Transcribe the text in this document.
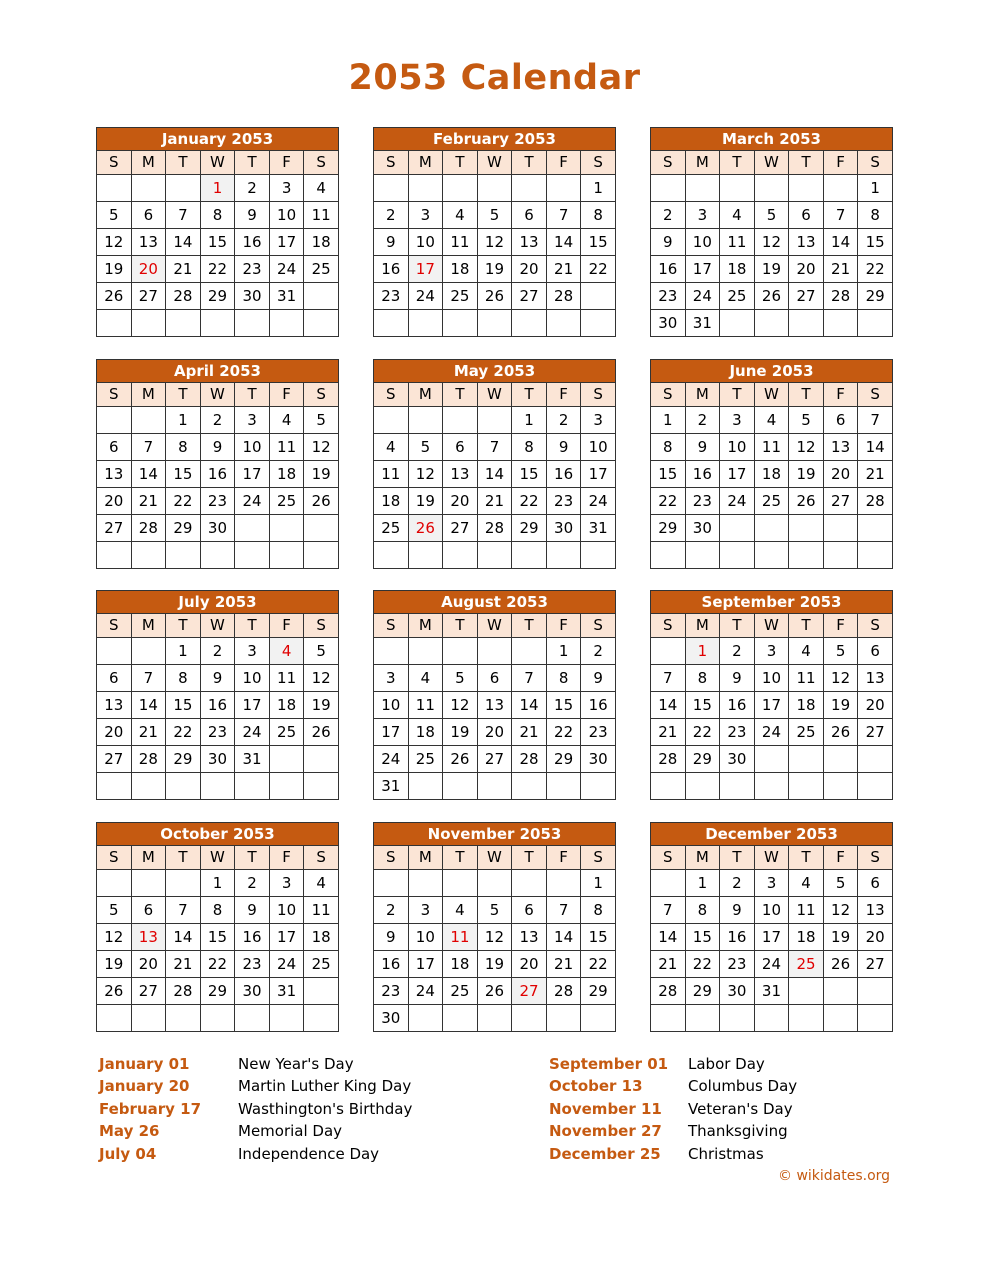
2053 Calendar
January 2053
S	M	T	W	T	F	S
			1	2	3	4
5	6	7	8	9	10	11
12	13	14	15	16	17	18
19	20	21	22	23	24	25
26	27	28	29	30	31	

February 2053
S	M	T	W	T	F	S
						1
2	3	4	5	6	7	8
9	10	11	12	13	14	15
16	17	18	19	20	21	22
23	24	25	26	27	28	

March 2053
S	M	T	W	T	F	S
						1
2	3	4	5	6	7	8
9	10	11	12	13	14	15
16	17	18	19	20	21	22
23	24	25	26	27	28	29
30	31					
April 2053
S	M	T	W	T	F	S
		1	2	3	4	5
6	7	8	9	10	11	12
13	14	15	16	17	18	19
20	21	22	23	24	25	26
27	28	29	30			

May 2053
S	M	T	W	T	F	S
				1	2	3
4	5	6	7	8	9	10
11	12	13	14	15	16	17
18	19	20	21	22	23	24
25	26	27	28	29	30	31

June 2053
S	M	T	W	T	F	S
1	2	3	4	5	6	7
8	9	10	11	12	13	14
15	16	17	18	19	20	21
22	23	24	25	26	27	28
29	30					

July 2053
S	M	T	W	T	F	S
		1	2	3	4	5
6	7	8	9	10	11	12
13	14	15	16	17	18	19
20	21	22	23	24	25	26
27	28	29	30	31		

August 2053
S	M	T	W	T	F	S
					1	2
3	4	5	6	7	8	9
10	11	12	13	14	15	16
17	18	19	20	21	22	23
24	25	26	27	28	29	30
31						
September 2053
S	M	T	W	T	F	S
	1	2	3	4	5	6
7	8	9	10	11	12	13
14	15	16	17	18	19	20
21	22	23	24	25	26	27
28	29	30				

October 2053
S	M	T	W	T	F	S
			1	2	3	4
5	6	7	8	9	10	11
12	13	14	15	16	17	18
19	20	21	22	23	24	25
26	27	28	29	30	31	

November 2053
S	M	T	W	T	F	S
						1
2	3	4	5	6	7	8
9	10	11	12	13	14	15
16	17	18	19	20	21	22
23	24	25	26	27	28	29
30						
December 2053
S	M	T	W	T	F	S
	1	2	3	4	5	6
7	8	9	10	11	12	13
14	15	16	17	18	19	20
21	22	23	24	25	26	27
28	29	30	31			

January 01	New Year's Day
January 20	Martin Luther King Day
February 17 Wasthington's Birthday
May 26	Memorial Day
July 04	Independence Day
September 01 Labor Day
October 13	Columbus Day
November 11 Veteran's Day
November 27 Thanksgiving
December 25 Christmas
© wikidates.org
